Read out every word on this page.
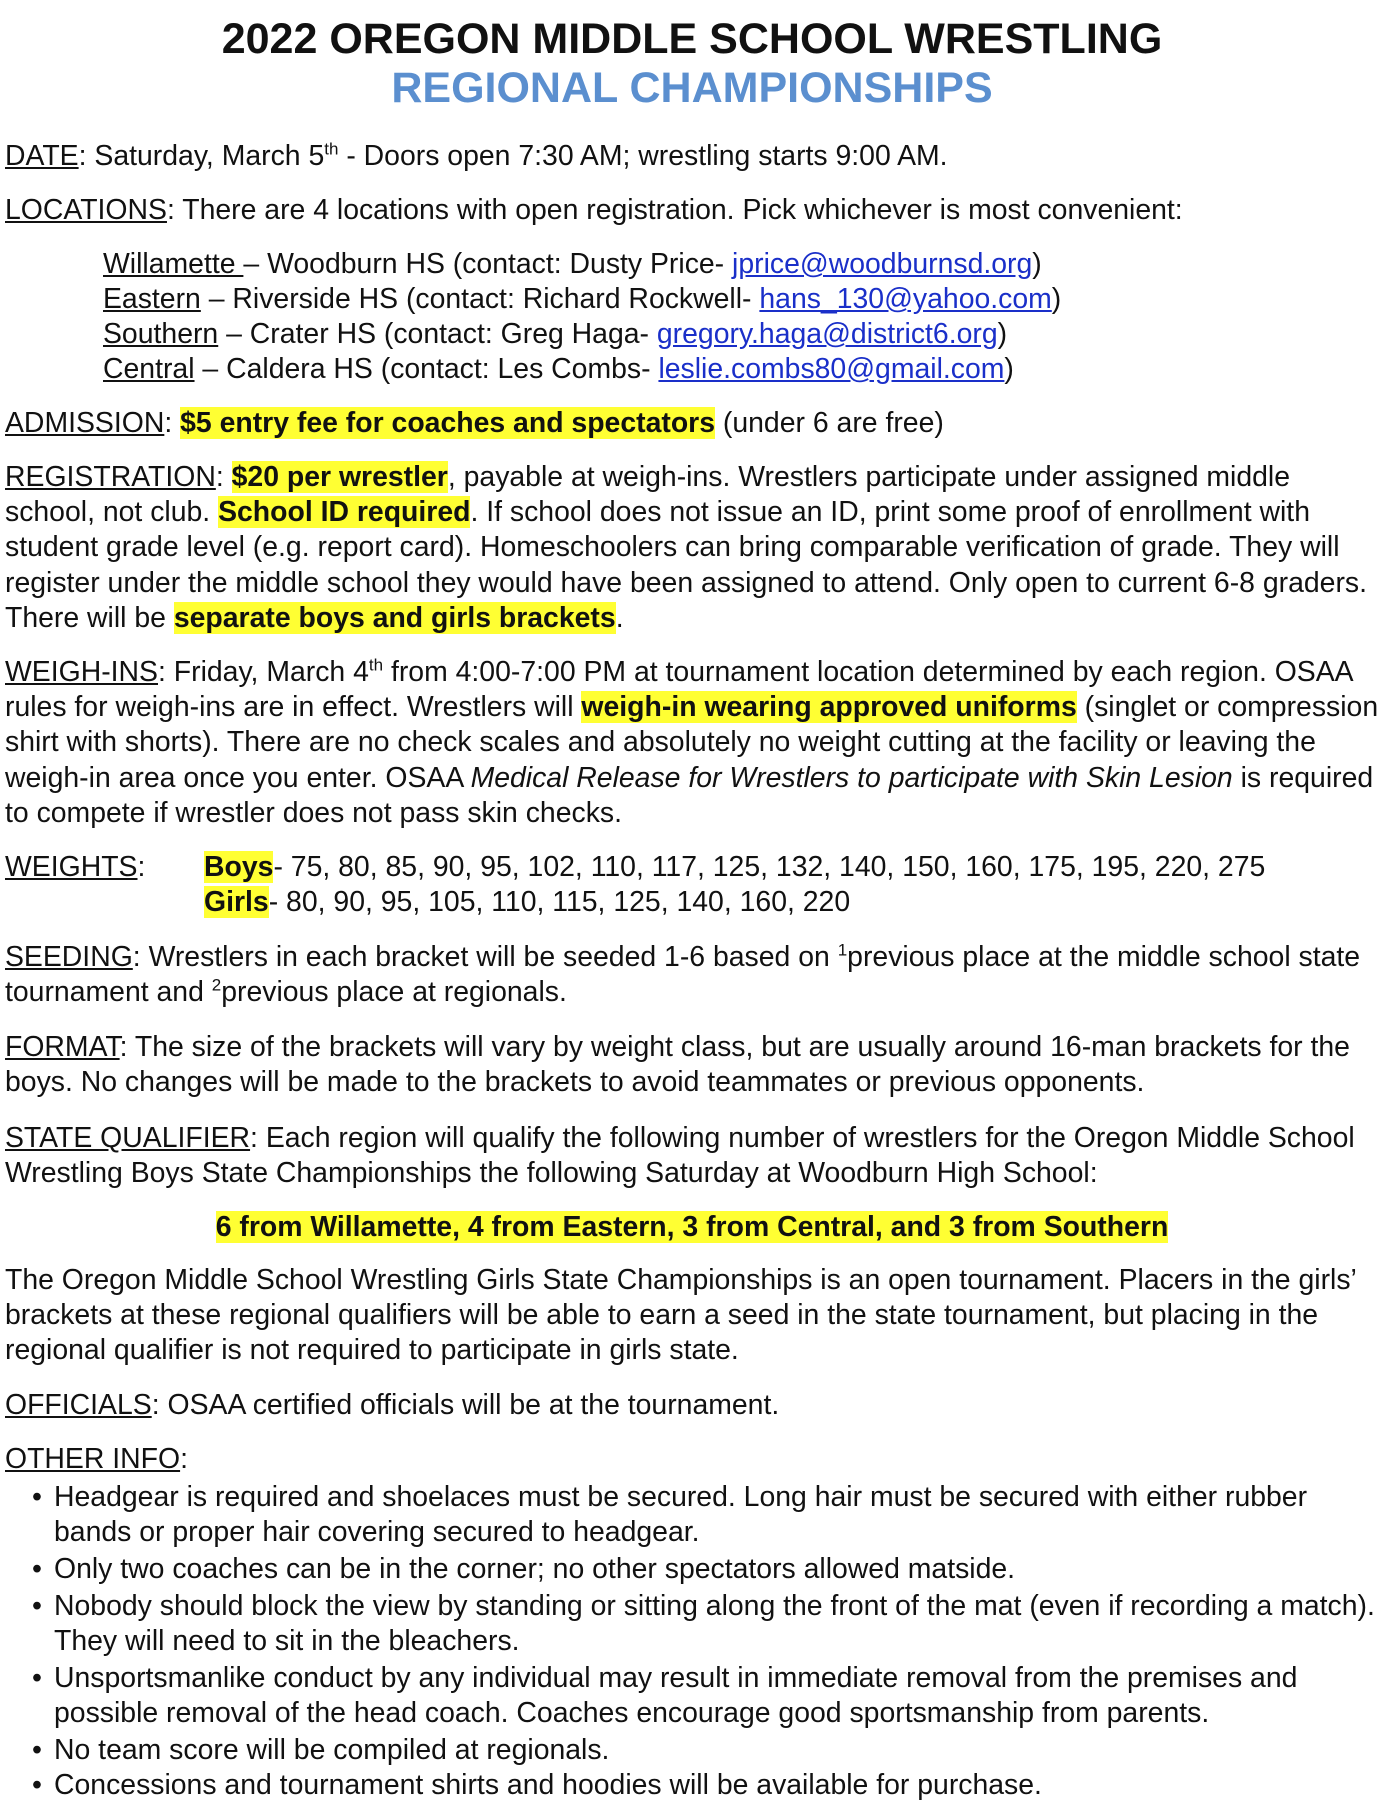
2022 OREGON MIDDLE SCHOOL WRESTLING
REGIONAL CHAMPIONSHIPS

DATE: Saturday, March 5th - Doors open 7:30 AM; wrestling starts 9:00 AM.

LOCATIONS: There are 4 locations with open registration. Pick whichever is most convenient:

Willamette – Woodburn HS (contact: Dusty Price- jprice@woodburnsd.org)

Eastern – Riverside HS (contact: Richard Rockwell- hans_130@yahoo.com)

Southern – Crater HS (contact: Greg Haga- gregory.haga@district6.org)

Central – Caldera HS (contact: Les Combs- leslie.combs80@gmail.com)

ADMISSION: $5 entry fee for coaches and spectators (under 6 are free)

REGISTRATION: $20 per wrestler, payable at weigh-ins. Wrestlers participate under assigned middle school, not club. School ID required. If school does not issue an ID, print some proof of enrollment with student grade level (e.g. report card). Homeschoolers can bring comparable verification of grade. They will register under the middle school they would have been assigned to attend. Only open to current 6-8 graders. There will be separate boys and girls brackets.

WEIGH-INS: Friday, March 4th from 4:00-7:00 PM at tournament location determined by each region. OSAA rules for weigh-ins are in effect. Wrestlers will weigh-in wearing approved uniforms (singlet or compression shirt with shorts). There are no check scales and absolutely no weight cutting at the facility or leaving the weigh-in area once you enter. OSAA Medical Release for Wrestlers to participate with Skin Lesion is required to compete if wrestler does not pass skin checks.

WEIGHTS: Boys- 75, 80, 85, 90, 95, 102, 110, 117, 125, 132, 140, 150, 160, 175, 195, 220, 275
Girls- 80, 90, 95, 105, 110, 115, 125, 140, 160, 220

SEEDING: Wrestlers in each bracket will be seeded 1-6 based on $^1$previous place at the middle school state tournament and $^2$previous place at regionals.

FORMAT: The size of the brackets will vary by weight class, but are usually around 16-man brackets for the boys. No changes will be made to the brackets to avoid teammates or previous opponents.

STATE QUALIFIER: Each region will qualify the following number of wrestlers for the Oregon Middle School Wrestling Boys State Championships the following Saturday at Woodburn High School:

6 from Willamette, 4 from Eastern, 3 from Central, and 3 from Southern

The Oregon Middle School Wrestling Girls State Championships is an open tournament. Placers in the girls’ brackets at these regional qualifiers will be able to earn a seed in the state tournament, but placing in the regional qualifier is not required to participate in girls state.

OFFICIALS: OSAA certified officials will be at the tournament.

OTHER INFO:

• Headgear is required and shoelaces must be secured. Long hair must be secured with either rubber bands or proper hair covering secured to headgear.

• Only two coaches can be in the corner; no other spectators allowed matside.

• Nobody should block the view by standing or sitting along the front of the mat (even if recording a match). They will need to sit in the bleachers.

• Unsportsmanlike conduct by any individual may result in immediate removal from the premises and possible removal of the head coach. Coaches encourage good sportsmanship from parents.

• No team score will be compiled at regionals.

• Concessions and tournament shirts and hoodies will be available for purchase.
